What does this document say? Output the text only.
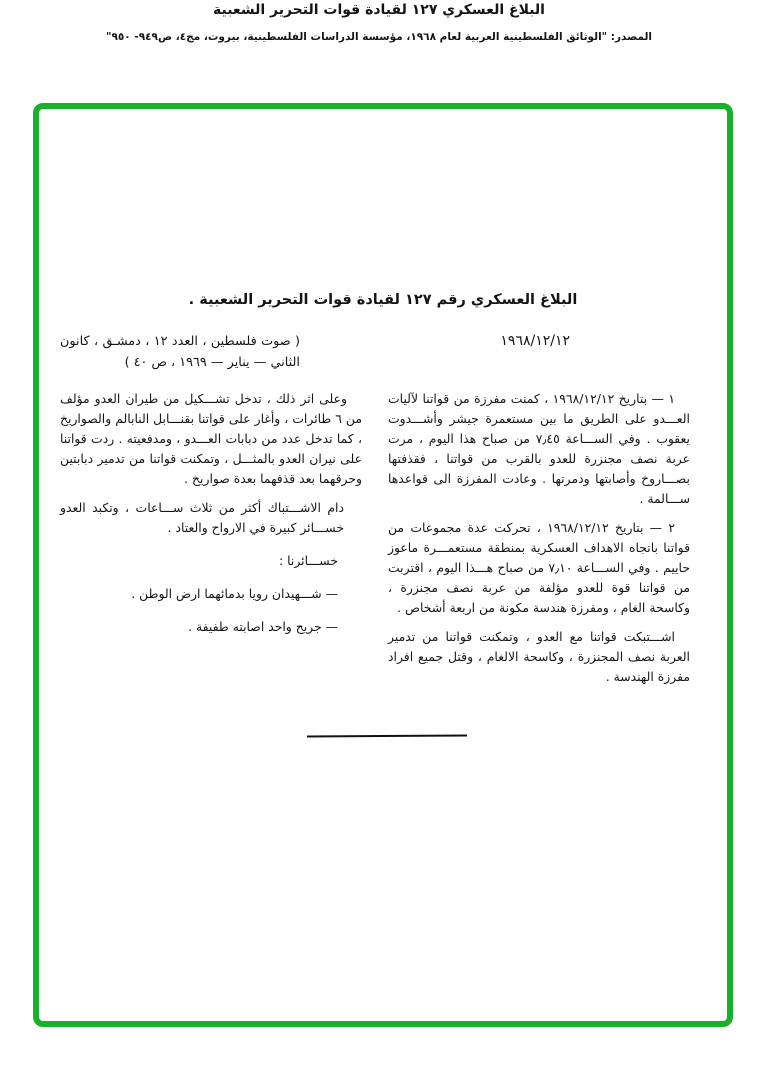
البلاغ العسكري ١٢٧ لقيادة قوات التحرير الشعبية
المصدر: "الوثائق الفلسطينية العربية لعام ١٩٦٨، مؤسسة الدراسات الفلسطينية، بيروت، مج٤، ص٩٤٩- ٩٥٠"
البلاغ العسكري رقم ١٢٧ لقيادة قوات التحرير الشعبية .
١٩٦٨/١٢/١٢
( صوت فلسطين ، العدد ١٢ ، دمشـق ، كانون الثاني — يناير — ١٩٦٩ ، ص ٤٠ )

١ — بتاريخ ١٩٦٨/١٢/١٢ ، كمنت مفرزة من قواتنا لآليات العـــدو على الطريق ما بين مستعمرة جيشر وأشـــدوت يعقوب . وفي الســـاعة ٧٫٤٥ من صباح هذا اليوم ، مرت عربة نصف مجنزرة للعدو بالقرب من قواتنا ، فقذفتها بصـــاروخ وأصابتها ودمرتها . وعادت المفرزة الى قواعدها ســـالمة .

٢ — بتاريخ ١٩٦٨/١٢/١٢ ، تحركت عدة مجموعات من قواتنا باتجاه الاهداف العسكرية بمنطقة مستعمـــرة ماعوز حاييم . وفي الســـاعة ٧٫١٠ من صباح هـــذا اليوم ، اقتربت من قواتنا قوة للعدو مؤلفة من عربة نصف مجنزرة ، وكاسحة الغام ، ومفرزة هندسة مكونة من اربعة أشخاص .

اشـــتبكت قواتنا مع العدو ، وتمكنت قواتنا من تدمير العربة نصف المجنزرة ، وكاسحة الالغام ، وقتل جميع افراد مفرزة الهندسة .

وعلى اثر ذلك ، تدخل تشـــكيل من طيران العدو مؤلف من ٦ طائرات ، وأغار على قواتنا بقنـــابل النابالم والصواريخ ، كما تدخل عدد من دبابات العـــدو ، ومدفعيته . ردت قواتنا على نيران العدو بالمثـــل ، وتمكنت قواتنا من تدمير دبابتين وحرقهما بعد قذفهما بعدة صواريخ .

دام الاشـــتباك أكثر من ثلاث ســـاعات ، وتكبد العدو خســـائر كبيرة في الارواح والعتاد .

خســـائرنا :

— شـــهيدان رويا بدمائهما ارض الوطن .

— جريح واحد اصابته طفيفة .
